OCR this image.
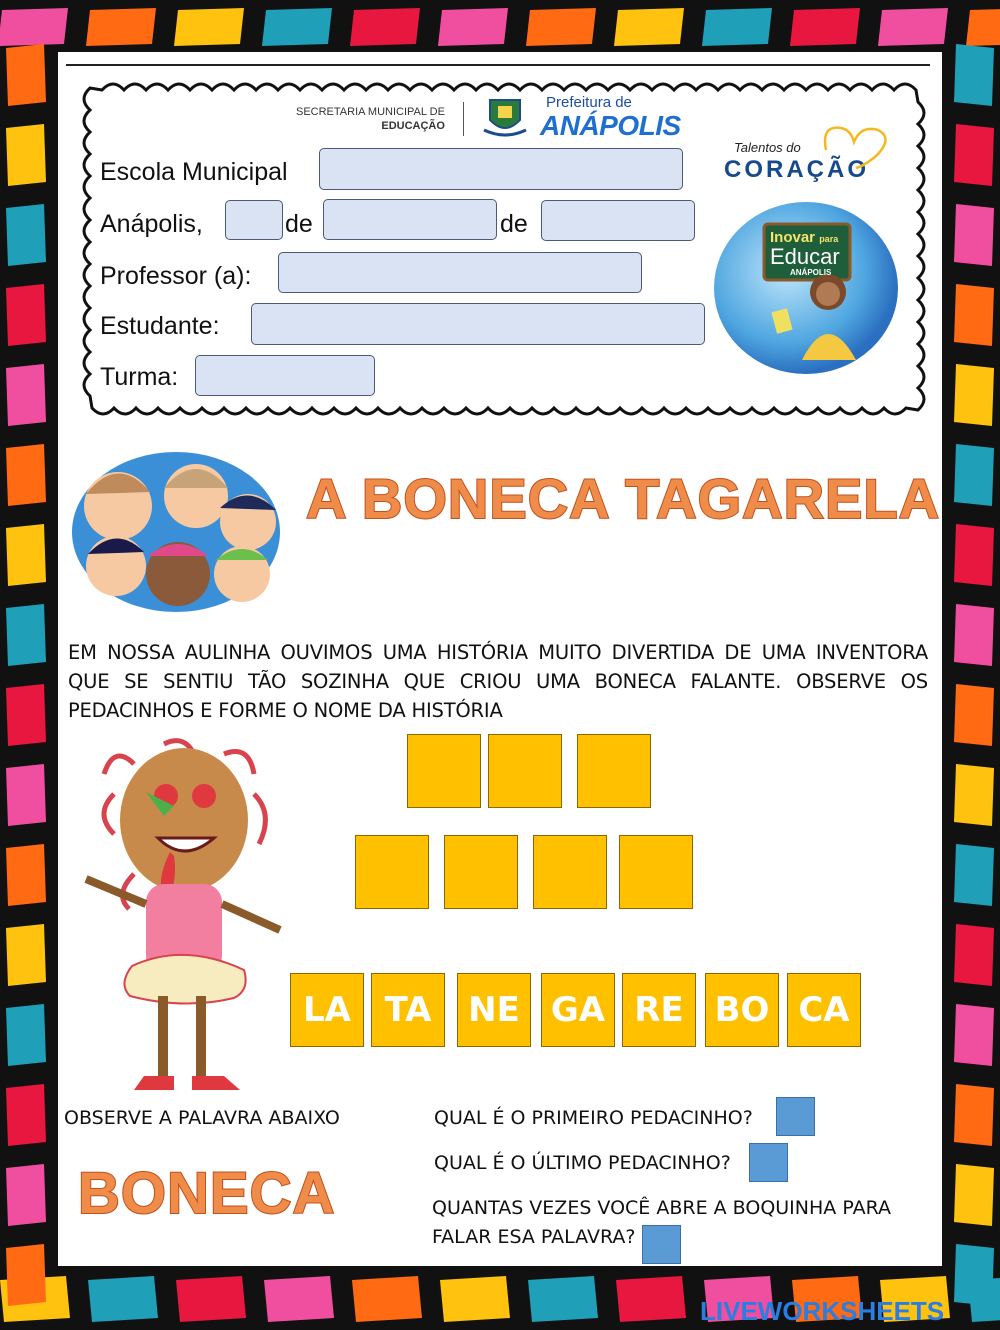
SECRETARIA MUNICIPAL DE
EDUCAÇÃO
Prefeitura de
ANÁPOLIS
Talentos do
CORAÇÃO
Inovar para
Educar
ANÁPOLIS
Escola Municipal
Anápolis,	de	de
Professor (a):
Estudante:
Turma:
A BONECA TAGARELA
EM NOSSA AULINHA OUVIMOS UMA HISTÓRIA MUITO DIVERTIDA DE UMA INVENTORA QUE SE SENTIU TÃO SOZINHA QUE CRIOU UMA BONECA FALANTE. OBSERVE OS PEDACINHOS E FORME O NOME DA HISTÓRIA
LA TA	NE GA RE BO CA
OBSERVE A PALAVRA ABAIXO
BONECA
QUAL É O PRIMEIRO PEDACINHO?
QUAL É O ÚLTIMO PEDACINHO?
QUANTAS VEZES VOCÊ ABRE A BOQUINHA PARA
FALAR ESA PALAVRA?
LIVEWORKSHEETS
